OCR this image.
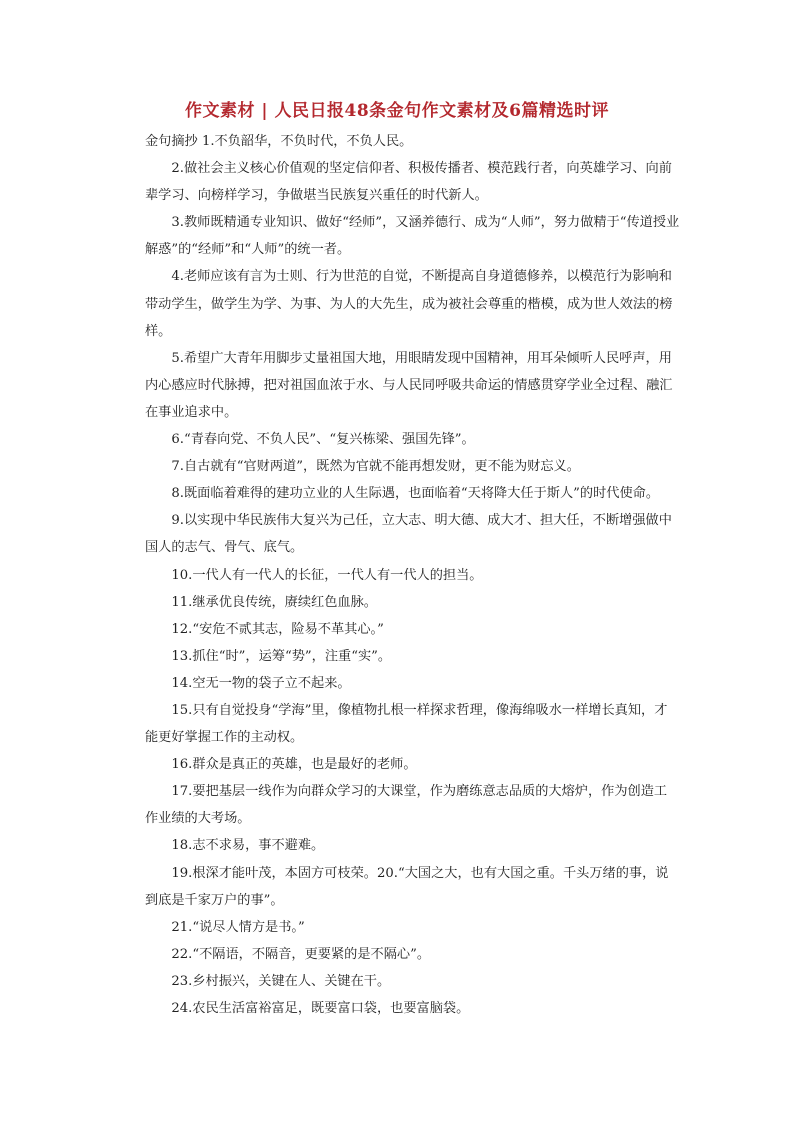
作文素材 | 人民日报48条金句作文素材及6篇精选时评

金句摘抄 1.不负韶华，不负时代，不负人民。

2.做社会主义核心价值观的坚定信仰者、积极传播者、模范践行者，向英雄学习、向前辈学习、向榜样学习，争做堪当民族复兴重任的时代新人。

3.教师既精通专业知识、做好“经师”，又涵养德行、成为“人师”，努力做精于“传道授业解惑”的“经师”和“人师”的统一者。

4.老师应该有言为士则、行为世范的自觉，不断提高自身道德修养，以模范行为影响和带动学生，做学生为学、为事、为人的大先生，成为被社会尊重的楷模，成为世人效法的榜样。

5.希望广大青年用脚步丈量祖国大地，用眼睛发现中国精神，用耳朵倾听人民呼声，用内心感应时代脉搏，把对祖国血浓于水、与人民同呼吸共命运的情感贯穿学业全过程、融汇在事业追求中。

6.“青春向党、不负人民”、“复兴栋梁、强国先锋”。

7.自古就有“官财两道”，既然为官就不能再想发财，更不能为财忘义。

8.既面临着难得的建功立业的人生际遇，也面临着“天将降大任于斯人”的时代使命。

9.以实现中华民族伟大复兴为己任，立大志、明大德、成大才、担大任，不断增强做中国人的志气、骨气、底气。

10.一代人有一代人的长征，一代人有一代人的担当。

11.继承优良传统，赓续红色血脉。

12.“安危不贰其志，险易不革其心。”

13.抓住“时”，运筹“势”，注重“实”。

14.空无一物的袋子立不起来。

15.只有自觉投身“学海”里，像植物扎根一样探求哲理，像海绵吸水一样增长真知，才能更好掌握工作的主动权。

16.群众是真正的英雄，也是最好的老师。

17.要把基层一线作为向群众学习的大课堂，作为磨练意志品质的大熔炉，作为创造工作业绩的大考场。

18.志不求易，事不避难。

19.根深才能叶茂，本固方可枝荣。20.“大国之大，也有大国之重。千头万绪的事，说到底是千家万户的事”。

21.“说尽人情方是书。”

22.“不隔语，不隔音，更要紧的是不隔心”。

23.乡村振兴，关键在人、关键在干。

24.农民生活富裕富足，既要富口袋，也要富脑袋。
